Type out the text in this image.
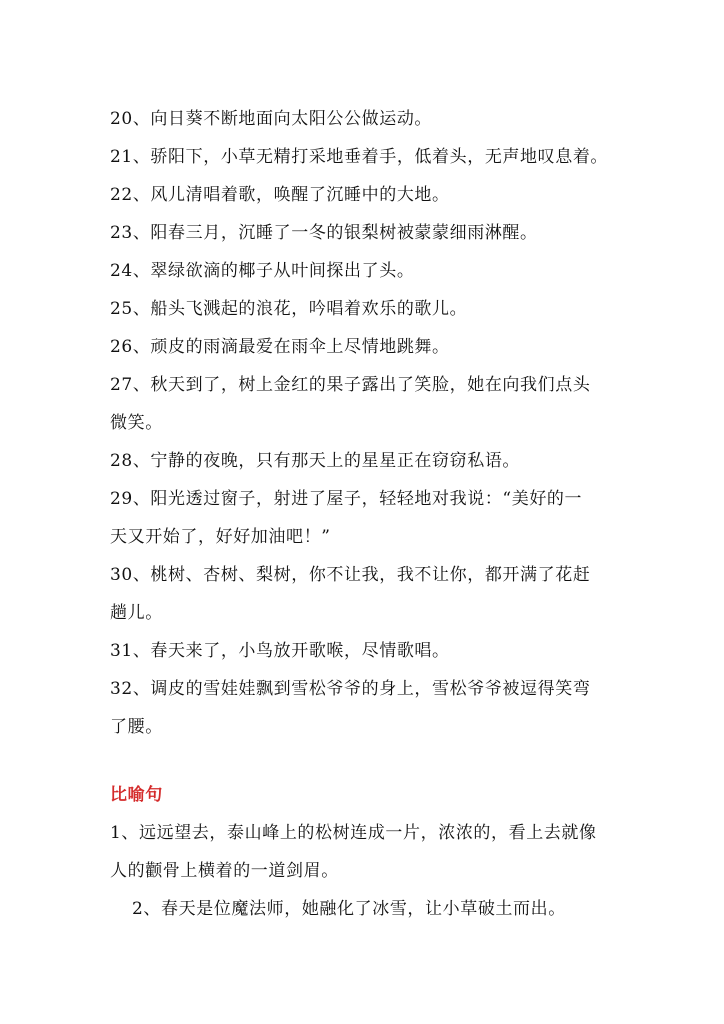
20、向日葵不断地面向太阳公公做运动。
21、骄阳下，小草无精打采地垂着手，低着头，无声地叹息着。
22、风儿清唱着歌，唤醒了沉睡中的大地。
23、阳春三月，沉睡了一冬的银梨树被蒙蒙细雨淋醒。
24、翠绿欲滴的椰子从叶间探出了头。
25、船头飞溅起的浪花，吟唱着欢乐的歌儿。
26、顽皮的雨滴最爱在雨伞上尽情地跳舞。
27、秋天到了，树上金红的果子露出了笑脸，她在向我们点头
微笑。
28、宁静的夜晚，只有那天上的星星正在窃窃私语。
29、阳光透过窗子，射进了屋子，轻轻地对我说：“美好的一
天又开始了，好好加油吧！”
30、桃树、杏树、梨树，你不让我，我不让你，都开满了花赶
趟儿。
31、春天来了，小鸟放开歌喉，尽情歌唱。
32、调皮的雪娃娃飘到雪松爷爷的身上，雪松爷爷被逗得笑弯
了腰。
比喻句
1、远远望去，泰山峰上的松树连成一片，浓浓的，看上去就像
人的颧骨上横着的一道剑眉。
2、春天是位魔法师，她融化了冰雪，让小草破土而出。
